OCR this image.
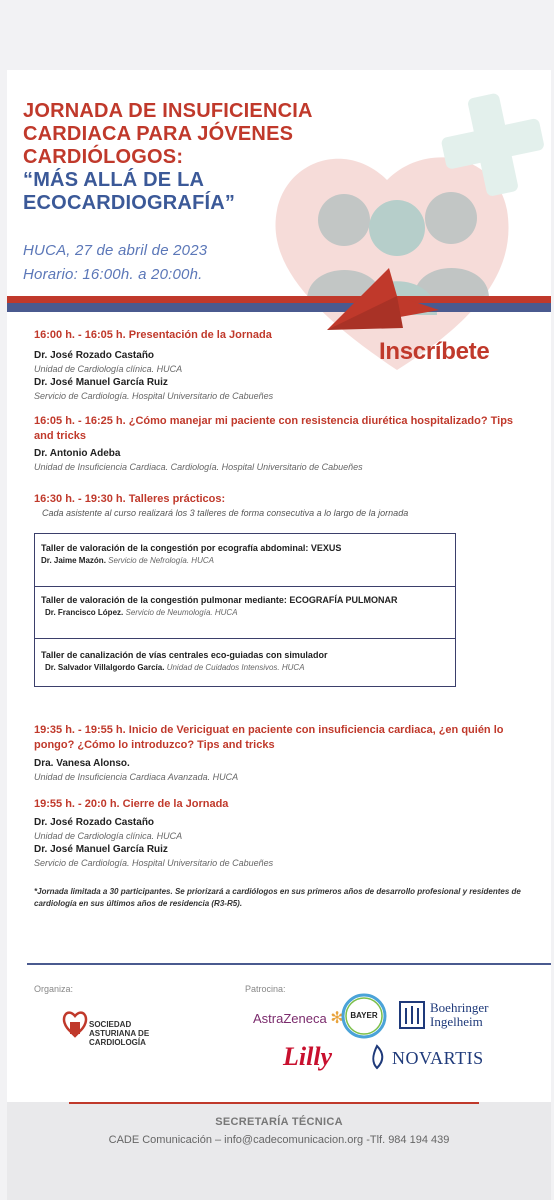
JORNADA DE INSUFICIENCIA CARDIACA PARA JÓVENES CARDIÓLOGOS:
“MÁS ALLÁ DE LA ECOCARDIOGRAFÍA”
HUCA, 27 de abril de 2023
Horario: 16:00h. a 20:00h.
Inscríbete
16:00 h. - 16:05 h. Presentación de la Jornada
Dr. José Rozado Castaño
Unidad de Cardiología clínica. HUCA
Dr. José Manuel García Ruiz
Servicio de Cardiología. Hospital Universitario de Cabueñes
16:05 h. - 16:25 h. ¿Cómo manejar mi paciente con resistencia diurética hospitalizado? Tips and tricks
Dr. Antonio Adeba
Unidad de Insuficiencia Cardiaca. Cardiología. Hospital Universitario de Cabueñes
16:30 h. - 19:30 h. Talleres prácticos:
Cada asistente al curso realizará los 3 talleres de forma consecutiva a lo largo de la jornada
Taller de valoración de la congestión por ecografía abdominal: VEXUS
Dr. Jaime Mazón. Servicio de Nefrología. HUCA
Taller de valoración de la congestión pulmonar mediante: ECOGRAFÍA PULMONAR
Dr. Francisco López. Servicio de Neumología. HUCA
Taller de canalización de vías centrales eco-guiadas con simulador
Dr. Salvador Villalgordo García. Unidad de Cuidados Intensivos. HUCA
19:35 h. - 19:55 h. Inicio de Vericiguat en paciente con insuficiencia cardiaca, ¿en quién lo pongo? ¿Cómo lo introduzco? Tips and tricks
Dra. Vanesa Alonso.
Unidad de Insuficiencia Cardiaca Avanzada. HUCA
19:55 h. - 20:0 h. Cierre de la Jornada
Dr. José Rozado Castaño
Unidad de Cardiología clínica. HUCA
Dr. José Manuel García Ruiz
Servicio de Cardiología. Hospital Universitario de Cabueñes
*Jornada limitada a 30 participantes. Se priorizará a cardiólogos en sus primeros años de desarrollo profesional y residentes de cardiología en sus últimos años de residencia (R3-R5).
Organiza:
SOCIEDAD
ASTURIANA DE
CARDIOLOGÍA
Patrocina:
AstraZeneca ✻ BAYER
Boehringer
Ingelheim
Lilly	NOVARTIS
SECRETARÍA TÉCNICA
CADE Comunicación – info@cadecomunicacion.org -Tlf. 984 194 439
